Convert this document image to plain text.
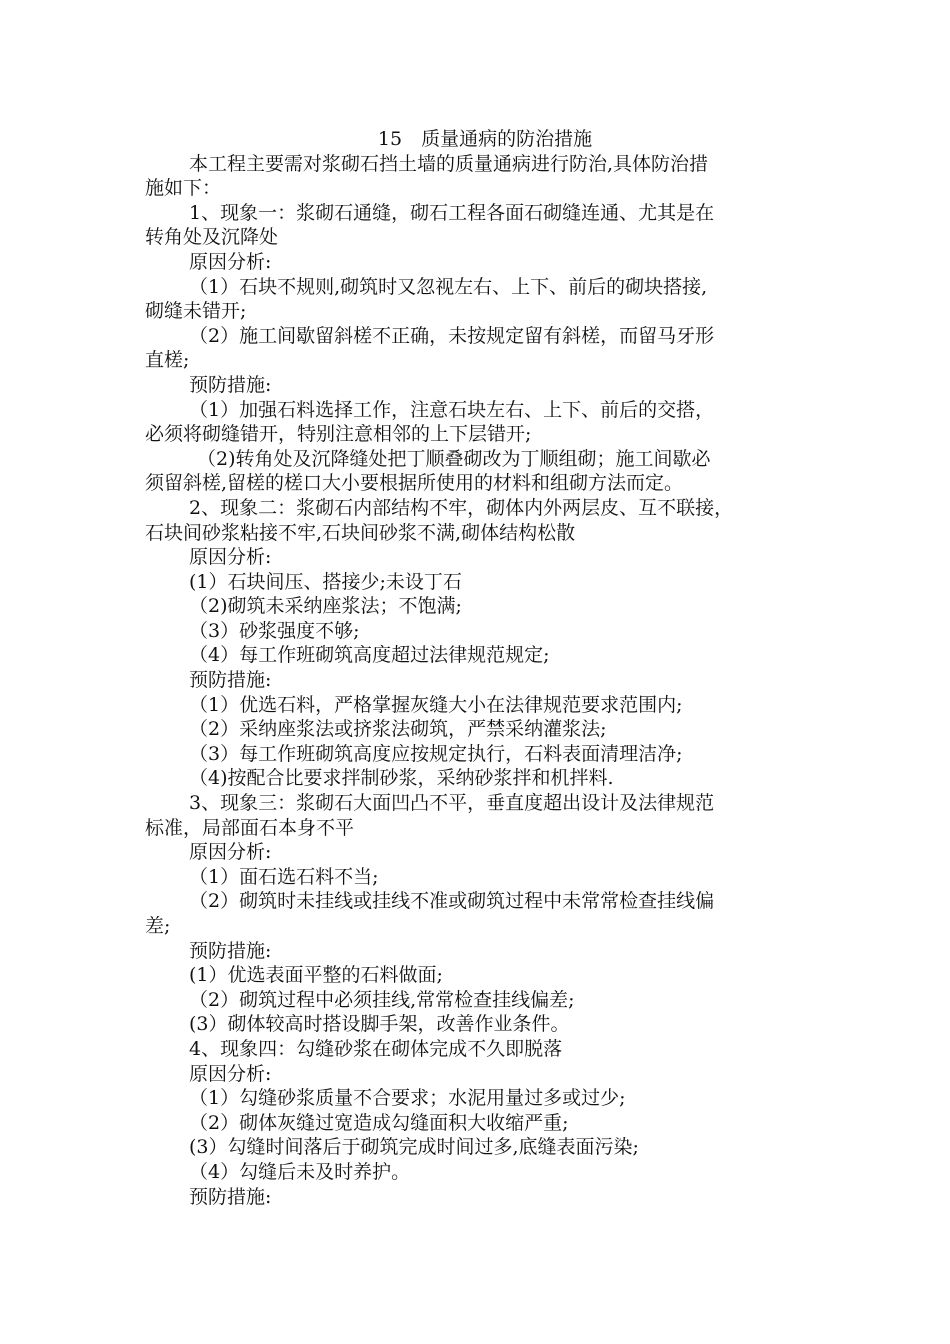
15　质量通病的防治措施
本工程主要需对浆砌石挡土墙的质量通病进行防治,具体防治措
施如下：
1、现象一：浆砌石通缝，砌石工程各面石砌缝连通、尤其是在
转角处及沉降处
原因分析:
（1）石块不规则,砌筑时又忽视左右、上下、前后的砌块搭接,
砌缝未错开;
（2）施工间歇留斜槎不正确，未按规定留有斜槎，而留马牙形
直槎;
预防措施:
（1）加强石料选择工作，注意石块左右、上下、前后的交搭，
必须将砌缝错开，特别注意相邻的上下层错开;
（2)转角处及沉降缝处把丁顺叠砌改为丁顺组砌；施工间歇必
须留斜槎,留槎的槎口大小要根据所使用的材料和组砌方法而定。
2、现象二：浆砌石内部结构不牢，砌体内外两层皮、互不联接，
石块间砂浆粘接不牢,石块间砂浆不满,砌体结构松散
原因分析:
(1）石块间压、搭接少;未设丁石
（2)砌筑未采纳座浆法；不饱满;
（3）砂浆强度不够;
（4）每工作班砌筑高度超过法律规范规定;
预防措施:
（1）优选石料，严格掌握灰缝大小在法律规范要求范围内;
（2）采纳座浆法或挤浆法砌筑，严禁采纳灌浆法;
（3）每工作班砌筑高度应按规定执行，石料表面清理洁净;
（4)按配合比要求拌制砂浆，采纳砂浆拌和机拌料.
3、现象三：浆砌石大面凹凸不平，垂直度超出设计及法律规范
标准，局部面石本身不平
原因分析:
（1）面石选石料不当;
（2）砌筑时未挂线或挂线不准或砌筑过程中未常常检查挂线偏
差;
预防措施:
(1）优选表面平整的石料做面;
（2）砌筑过程中必须挂线,常常检查挂线偏差;
(3）砌体较高时搭设脚手架，改善作业条件。
4、现象四：勾缝砂浆在砌体完成不久即脱落
原因分析:
（1）勾缝砂浆质量不合要求；水泥用量过多或过少;
（2）砌体灰缝过宽造成勾缝面积大收缩严重;
(3）勾缝时间落后于砌筑完成时间过多,底缝表面污染;
（4）勾缝后未及时养护。
预防措施:
